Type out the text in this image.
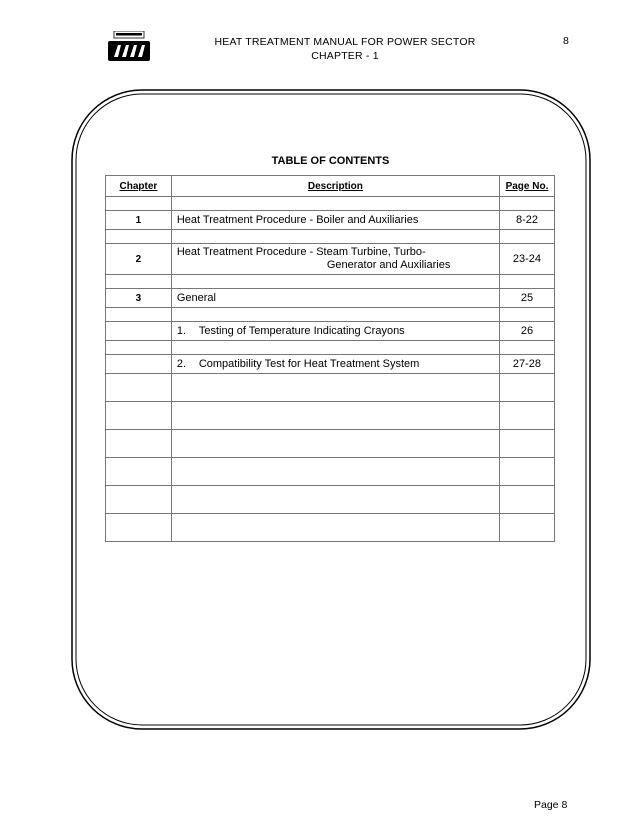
HEAT TREATMENT MANUAL FOR POWER SECTOR
CHAPTER - 1
8
TABLE OF CONTENTS
Chapter	Description	Page No.

1	Heat Treatment Procedure - Boiler and Auxiliaries	8-22

2	Heat Treatment Procedure - Steam Turbine, Turbo-
Generator and Auxiliaries	23-24

3	General	25

	1. Testing of Temperature Indicating Crayons	26

	2. Compatibility Test for Heat Treatment System	27-28

Page 8
